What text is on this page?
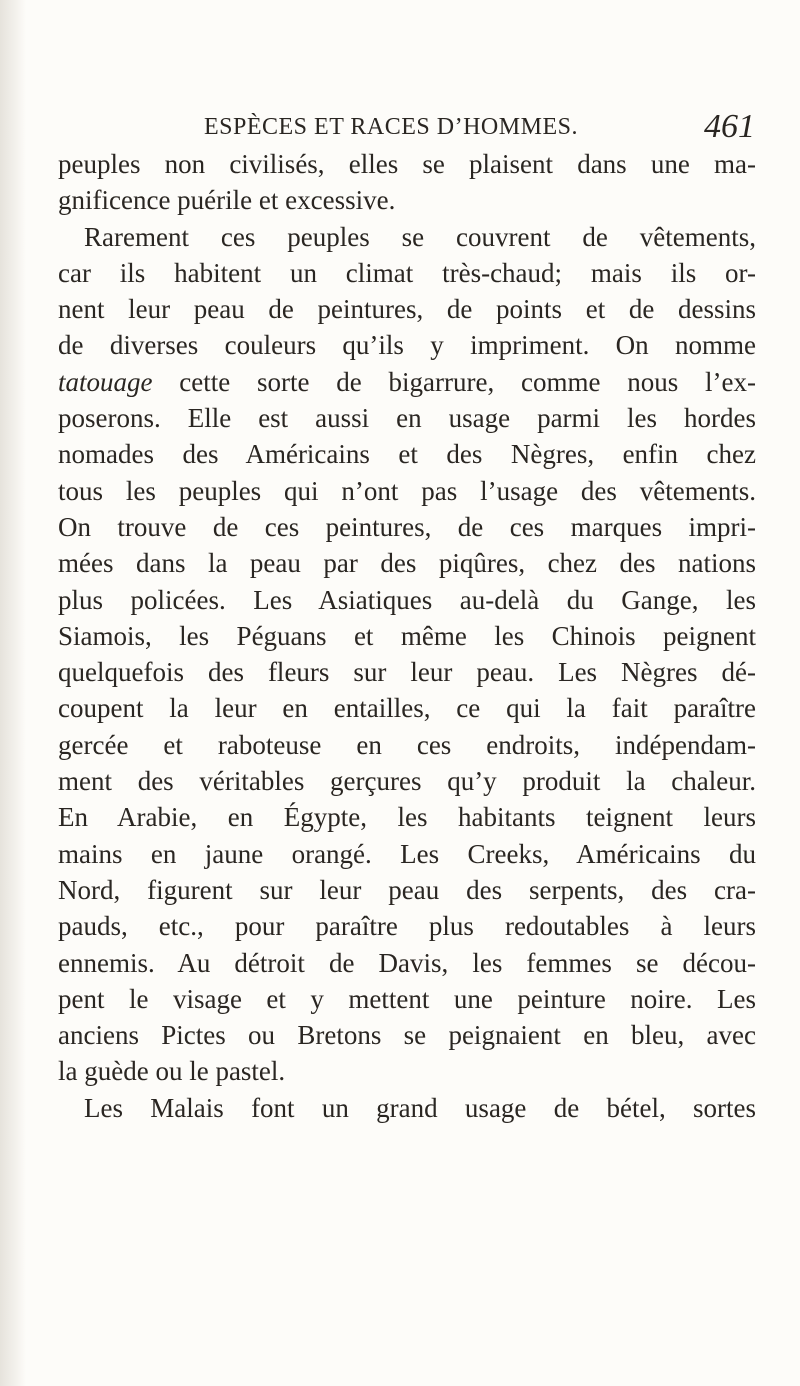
ESPÈCES ET RACES D’HOMMES.	461
peuples non civilisés, elles se plaisent dans une ma-
gnificence puérile et excessive.
Rarement ces peuples se couvrent de vêtements,
car ils habitent un climat très-chaud; mais ils or-
nent leur peau de peintures, de points et de dessins
de diverses couleurs qu’ils y impriment. On nomme
tatouage cette sorte de bigarrure, comme nous l’ex-
poserons. Elle est aussi en usage parmi les hordes
nomades des Américains et des Nègres, enfin chez
tous les peuples qui n’ont pas l’usage des vêtements.
On trouve de ces peintures, de ces marques impri-
mées dans la peau par des piqûres, chez des nations
plus policées. Les Asiatiques au-delà du Gange, les
Siamois, les Péguans et même les Chinois peignent
quelquefois des fleurs sur leur peau. Les Nègres dé-
coupent la leur en entailles, ce qui la fait paraître
gercée et raboteuse en ces endroits, indépendam-
ment des véritables gerçures qu’y produit la chaleur.
En Arabie, en Égypte, les habitants teignent leurs
mains en jaune orangé. Les Creeks, Américains du
Nord, figurent sur leur peau des serpents, des cra-
pauds, etc., pour paraître plus redoutables à leurs
ennemis. Au détroit de Davis, les femmes se décou-
pent le visage et y mettent une peinture noire. Les
anciens Pictes ou Bretons se peignaient en bleu, avec
la guède ou le pastel.
Les Malais font un grand usage de bétel, sortes
